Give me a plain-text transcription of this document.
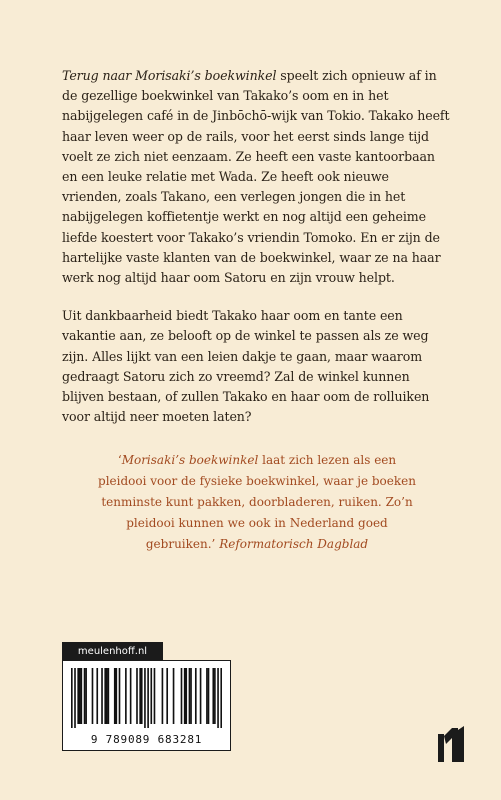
Terug naar Morisaki’s boekwinkel speelt zich opnieuw af in de gezellige boekwinkel van Takako’s oom en in het nabijgelegen café in de Jinbōchō-wijk van Tokio. Takako heeft haar leven weer op de rails, voor het eerst sinds lange tijd voelt ze zich niet eenzaam. Ze heeft een vaste kantoorbaan en een leuke relatie met Wada. Ze heeft ook nieuwe vrienden, zoals Takano, een verlegen jongen die in het nabijgelegen koffietentje werkt en nog altijd een geheime liefde koestert voor Takako’s vriendin Tomoko. En er zijn de hartelijke vaste klanten van de boekwinkel, waar ze na haar werk nog altijd haar oom Satoru en zijn vrouw helpt.

Uit dankbaarheid biedt Takako haar oom en tante een vakantie aan, ze belooft op de winkel te passen als ze weg zijn. Alles lijkt van een leien dakje te gaan, maar waarom gedraagt Satoru zich zo vreemd? Zal de winkel kunnen blijven bestaan, of zullen Takako en haar oom de rolluiken voor altijd neer moeten laten?

‘Morisaki’s boekwinkel laat zich lezen als een pleidooi voor de fysieke boekwinkel, waar je boeken tenminste kunt pakken, doorbladeren, ruiken. Zo’n pleidooi kunnen we ook in Nederland goed gebruiken.’ Reformatorisch Dagblad
meulenhoff.nl
9 789089 683281
